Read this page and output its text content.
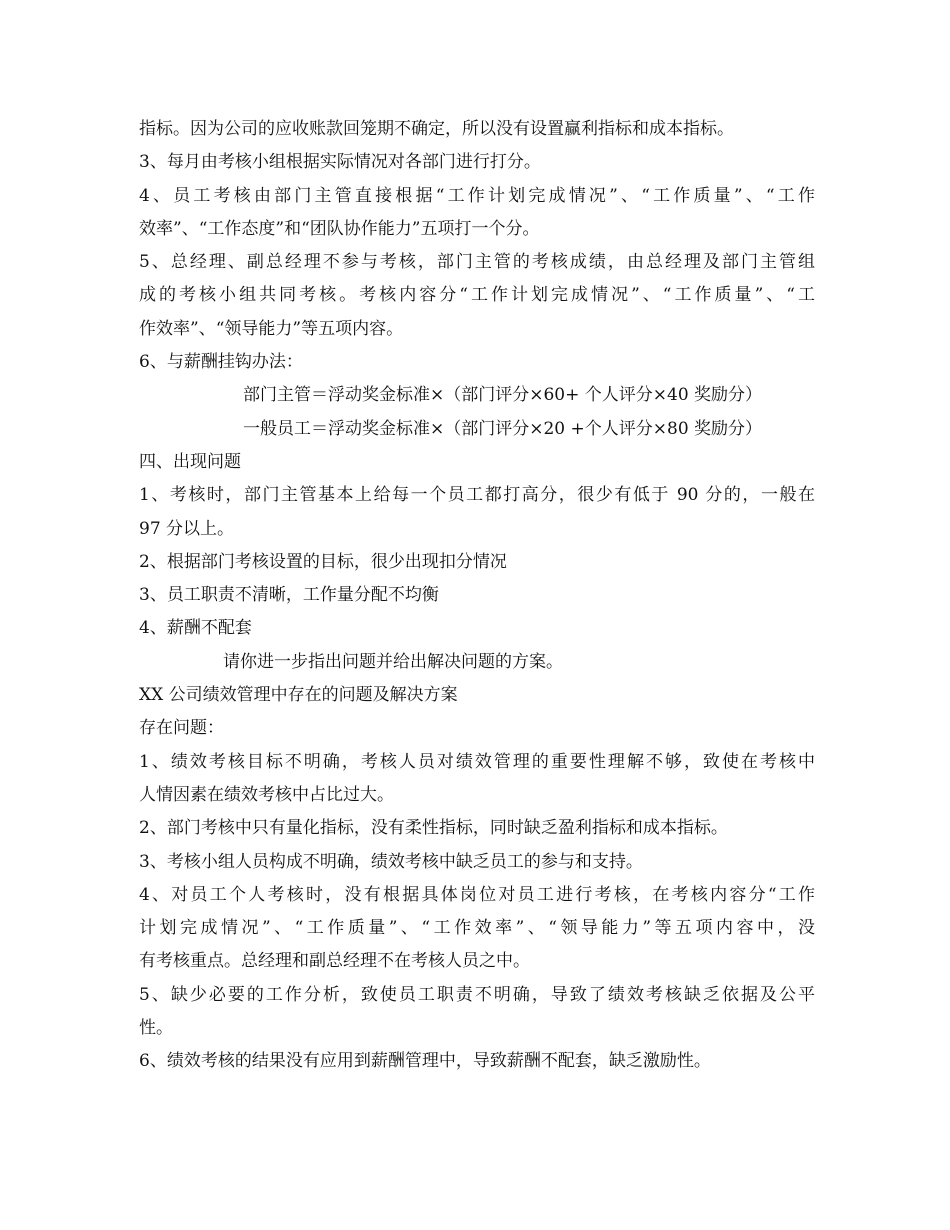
指标。因为公司的应收账款回笼期不确定，所以没有设置赢利指标和成本指标。
3、每月由考核小组根据实际情况对各部门进行打分。
4、员工考核由部门主管直接根据“工作计划完成情况”、“工作质量”、“工作
效率”、“工作态度”和“团队协作能力”五项打一个分。
5、总经理、副总经理不参与考核，部门主管的考核成绩，由总经理及部门主管组
成的考核小组共同考核。考核内容分“工作计划完成情况”、“工作质量”、“工
作效率”、“领导能力”等五项内容。
6、与薪酬挂钩办法：
部门主管＝浮动奖金标准×（部门评分×60+ 个人评分×40 奖励分）
一般员工＝浮动奖金标准×（部门评分×20 +个人评分×80 奖励分）
四、出现问题
1、考核时，部门主管基本上给每一个员工都打高分，很少有低于 90 分的，一般在
97 分以上。
2、根据部门考核设置的目标，很少出现扣分情况
3、员工职责不清晰，工作量分配不均衡
4、薪酬不配套
请你进一步指出问题并给出解决问题的方案。
XX 公司绩效管理中存在的问题及解决方案
存在问题：
1、绩效考核目标不明确，考核人员对绩效管理的重要性理解不够，致使在考核中
人情因素在绩效考核中占比过大。
2、部门考核中只有量化指标，没有柔性指标，同时缺乏盈利指标和成本指标。
3、考核小组人员构成不明确，绩效考核中缺乏员工的参与和支持。
4、对员工个人考核时，没有根据具体岗位对员工进行考核，在考核内容分“工作
计划完成情况”、“工作质量”、“工作效率”、“领导能力”等五项内容中，没
有考核重点。总经理和副总经理不在考核人员之中。
5、缺少必要的工作分析，致使员工职责不明确，导致了绩效考核缺乏依据及公平
性。
6、绩效考核的结果没有应用到薪酬管理中，导致薪酬不配套，缺乏激励性。
